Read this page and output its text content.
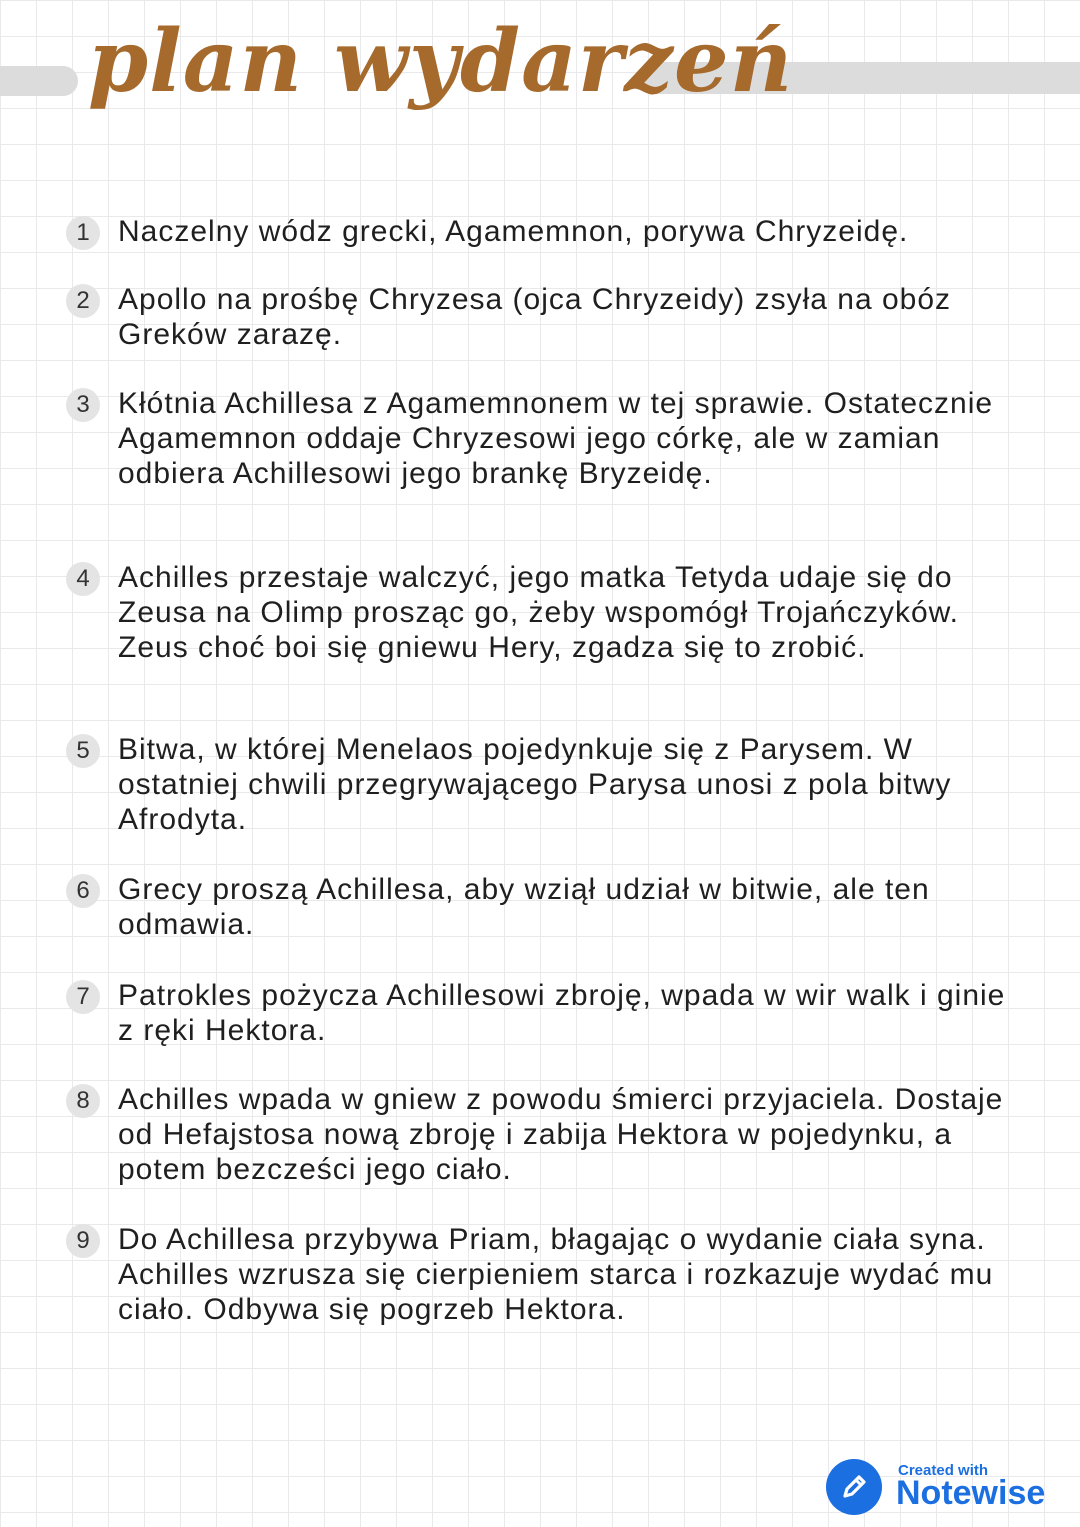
plan wydarzeń
1 Naczelny wódz grecki, Agamemnon, porywa Chryzeidę.
2 Apollo na prośbę Chryzesa (ojca Chryzeidy) zsyła na obóz Greków zarazę.
3 Kłótnia Achillesa z Agamemnonem w tej sprawie. Ostatecznie Agamemnon oddaje Chryzesowi jego córkę, ale w zamian odbiera Achillesowi jego brankę Bryzeidę.
4 Achilles przestaje walczyć, jego matka Tetyda udaje się do Zeusa na Olimp prosząc go, żeby wspomógł Trojańczyków. Zeus choć boi się gniewu Hery, zgadza się to zrobić.
5 Bitwa, w której Menelaos pojedynkuje się z Parysem. W ostatniej chwili przegrywającego Parysa unosi z pola bitwy Afrodyta.
6 Grecy proszą Achillesa, aby wziął udział w bitwie, ale ten odmawia.
7 Patrokles pożycza Achillesowi zbroję, wpada w wir walk i ginie z ręki Hektora.
8 Achilles wpada w gniew z powodu śmierci przyjaciela. Dostaje od Hefajstosa nową zbroję i zabija Hektora w pojedynku, a potem bezcześci jego ciało.
9 Do Achillesa przybywa Priam, błagając o wydanie ciała syna. Achilles wzrusza się cierpieniem starca i rozkazuje wydać mu ciało. Odbywa się pogrzeb Hektora.
Created with
Notewise
